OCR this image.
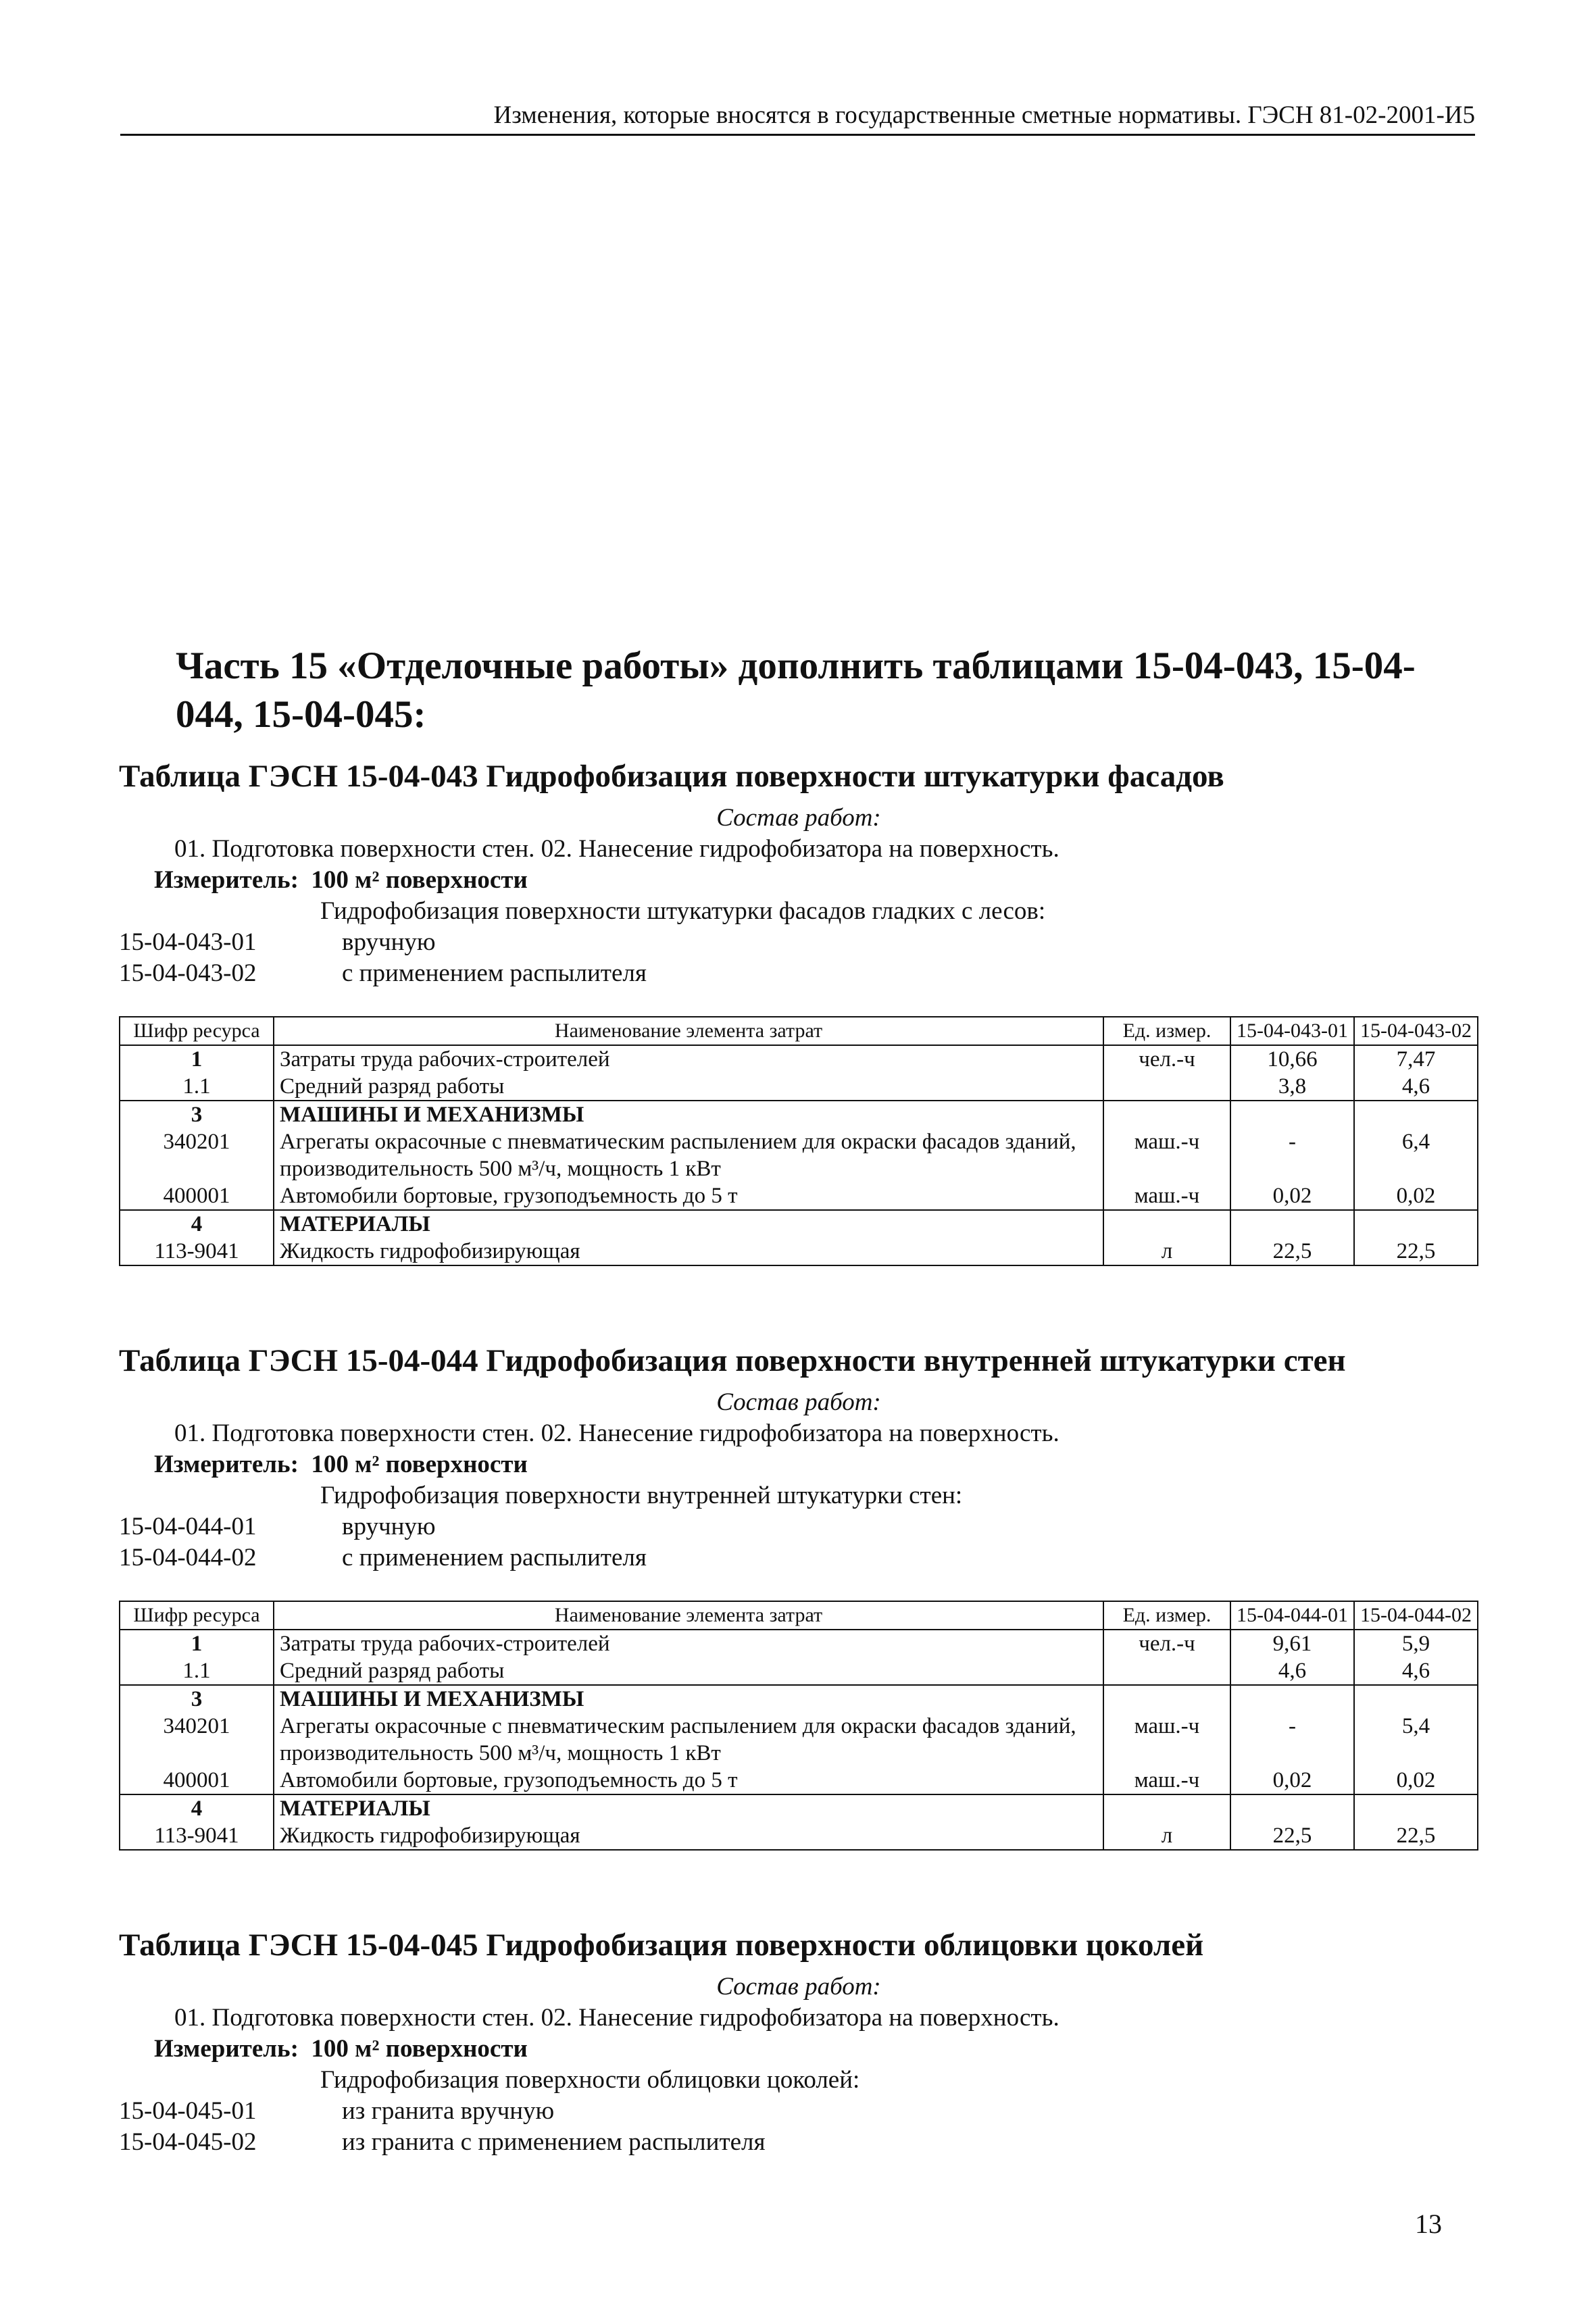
Изменения, которые вносятся в государственные сметные нормативы. ГЭСН 81-02-2001-И5
Часть 15 «Отделочные работы» дополнить таблицами 15-04-043, 15-04-044, 15-04-045:
Таблица ГЭСН 15-04-043 Гидрофобизация поверхности штукатурки фасадов
Состав работ:
01. Подготовка поверхности стен. 02. Нанесение гидрофобизатора на поверхность.
Измеритель: 100 м² поверхности
Гидрофобизация поверхности штукатурки фасадов гладких с лесов:
15-04-043-01	вручную
15-04-043-02	с применением распылителя
Шифр ресурса	Наименование элемента затрат	Ед. измер.	15-04-043-01	15-04-043-02
1	Затраты труда рабочих-строителей	чел.-ч	10,66	7,47
1.1	Средний разряд работы		3,8	4,6
3	МАШИНЫ И МЕХАНИЗМЫ			
340201	Агрегаты окрасочные с пневматическим распылением для окраски фасадов зданий, производительность 500 м³/ч, мощность 1 кВт	маш.-ч	-	6,4
400001	Автомобили бортовые, грузоподъемность до 5 т	маш.-ч	0,02	0,02
4	МАТЕРИАЛЫ			
113-9041	Жидкость гидрофобизирующая	л	22,5	22,5
Таблица ГЭСН 15-04-044 Гидрофобизация поверхности внутренней штукатурки стен
Состав работ:
01. Подготовка поверхности стен. 02. Нанесение гидрофобизатора на поверхность.
Измеритель: 100 м² поверхности
Гидрофобизация поверхности внутренней штукатурки стен:
15-04-044-01	вручную
15-04-044-02	с применением распылителя
Шифр ресурса	Наименование элемента затрат	Ед. измер.	15-04-044-01	15-04-044-02
1	Затраты труда рабочих-строителей	чел.-ч	9,61	5,9
1.1	Средний разряд работы		4,6	4,6
3	МАШИНЫ И МЕХАНИЗМЫ			
340201	Агрегаты окрасочные с пневматическим распылением для окраски фасадов зданий, производительность 500 м³/ч, мощность 1 кВт	маш.-ч	-	5,4
400001	Автомобили бортовые, грузоподъемность до 5 т	маш.-ч	0,02	0,02
4	МАТЕРИАЛЫ			
113-9041	Жидкость гидрофобизирующая	л	22,5	22,5
Таблица ГЭСН 15-04-045 Гидрофобизация поверхности облицовки цоколей
Состав работ:
01. Подготовка поверхности стен. 02. Нанесение гидрофобизатора на поверхность.
Измеритель: 100 м² поверхности
Гидрофобизация поверхности облицовки цоколей:
15-04-045-01	из гранита вручную
15-04-045-02	из гранита с применением распылителя
13
